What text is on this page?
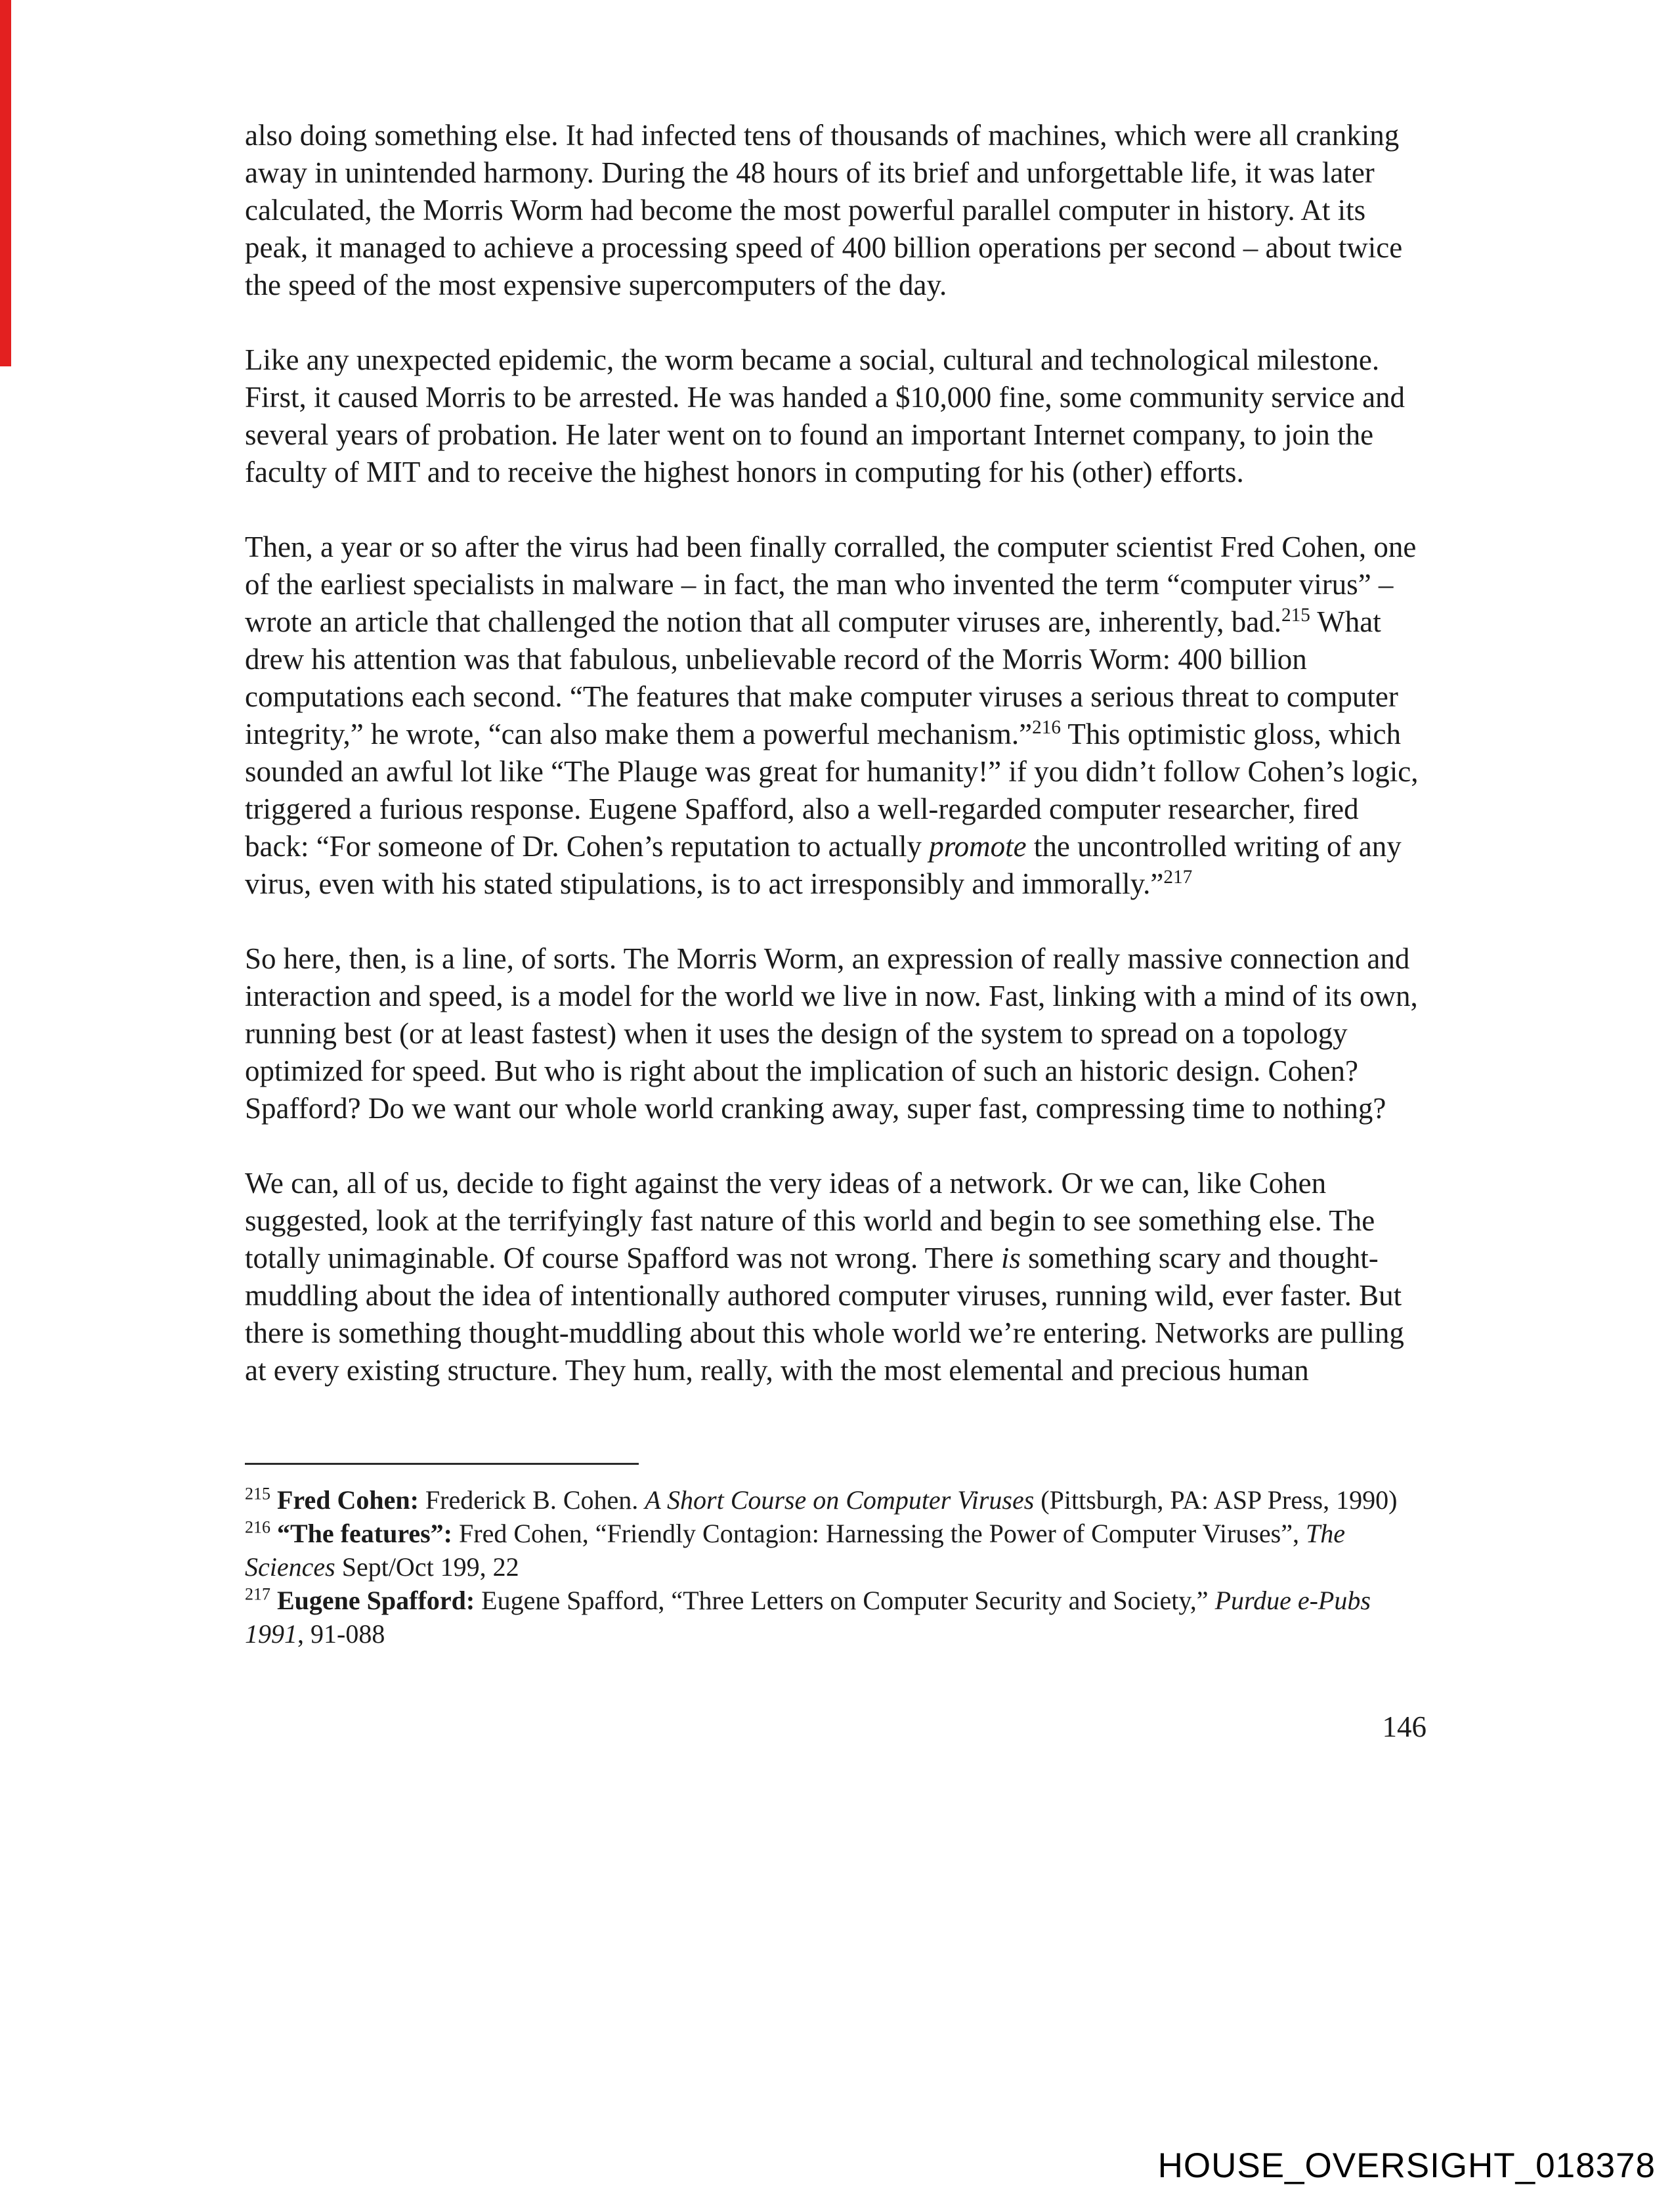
also doing something else. It had infected tens of thousands of machines, which were all cranking away in unintended harmony. During the 48 hours of its brief and unforgettable life, it was later calculated, the Morris Worm had become the most powerful parallel computer in history. At its peak, it managed to achieve a processing speed of 400 billion operations per second – about twice the speed of the most expensive supercomputers of the day.

Like any unexpected epidemic, the worm became a social, cultural and technological milestone. First, it caused Morris to be arrested. He was handed a $10,000 fine, some community service and several years of probation. He later went on to found an important Internet company, to join the faculty of MIT and to receive the highest honors in computing for his (other) efforts.

Then, a year or so after the virus had been finally corralled, the computer scientist Fred Cohen, one of the earliest specialists in malware – in fact, the man who invented the term “computer virus” – wrote an article that challenged the notion that all computer viruses are, inherently, bad.$^{215}$ What drew his attention was that fabulous, unbelievable record of the Morris Worm: 400 billion computations each second. “The features that make computer viruses a serious threat to computer integrity,” he wrote, “can also make them a powerful mechanism.”$^{216}$ This optimistic gloss, which sounded an awful lot like “The Plauge was great for humanity!” if you didn’t follow Cohen’s logic, triggered a furious response. Eugene Spafford, also a well-regarded computer researcher, fired back: “For someone of Dr. Cohen’s reputation to actually promote the uncontrolled writing of any virus, even with his stated stipulations, is to act irresponsibly and immorally.”$^{217}$

So here, then, is a line, of sorts. The Morris Worm, an expression of really massive connection and interaction and speed, is a model for the world we live in now. Fast, linking with a mind of its own, running best (or at least fastest) when it uses the design of the system to spread on a topology optimized for speed. But who is right about the implication of such an historic design. Cohen? Spafford? Do we want our whole world cranking away, super fast, compressing time to nothing?

We can, all of us, decide to fight against the very ideas of a network. Or we can, like Cohen suggested, look at the terrifyingly fast nature of this world and begin to see something else. The totally unimaginable. Of course Spafford was not wrong. There is something scary and thought-muddling about the idea of intentionally authored computer viruses, running wild, ever faster. But there is something thought-muddling about this whole world we’re entering. Networks are pulling at every existing structure. They hum, really, with the most elemental and precious human

$^{215}$ Fred Cohen: Frederick B. Cohen. A Short Course on Computer Viruses (Pittsburgh, PA: ASP Press, 1990)

$^{216}$ “The features”: Fred Cohen, “Friendly Contagion: Harnessing the Power of Computer Viruses”, The Sciences Sept/Oct 199, 22

$^{217}$ Eugene Spafford: Eugene Spafford, “Three Letters on Computer Security and Society,” Purdue e-Pubs 1991, 91-088

146
HOUSE_OVERSIGHT_018378
